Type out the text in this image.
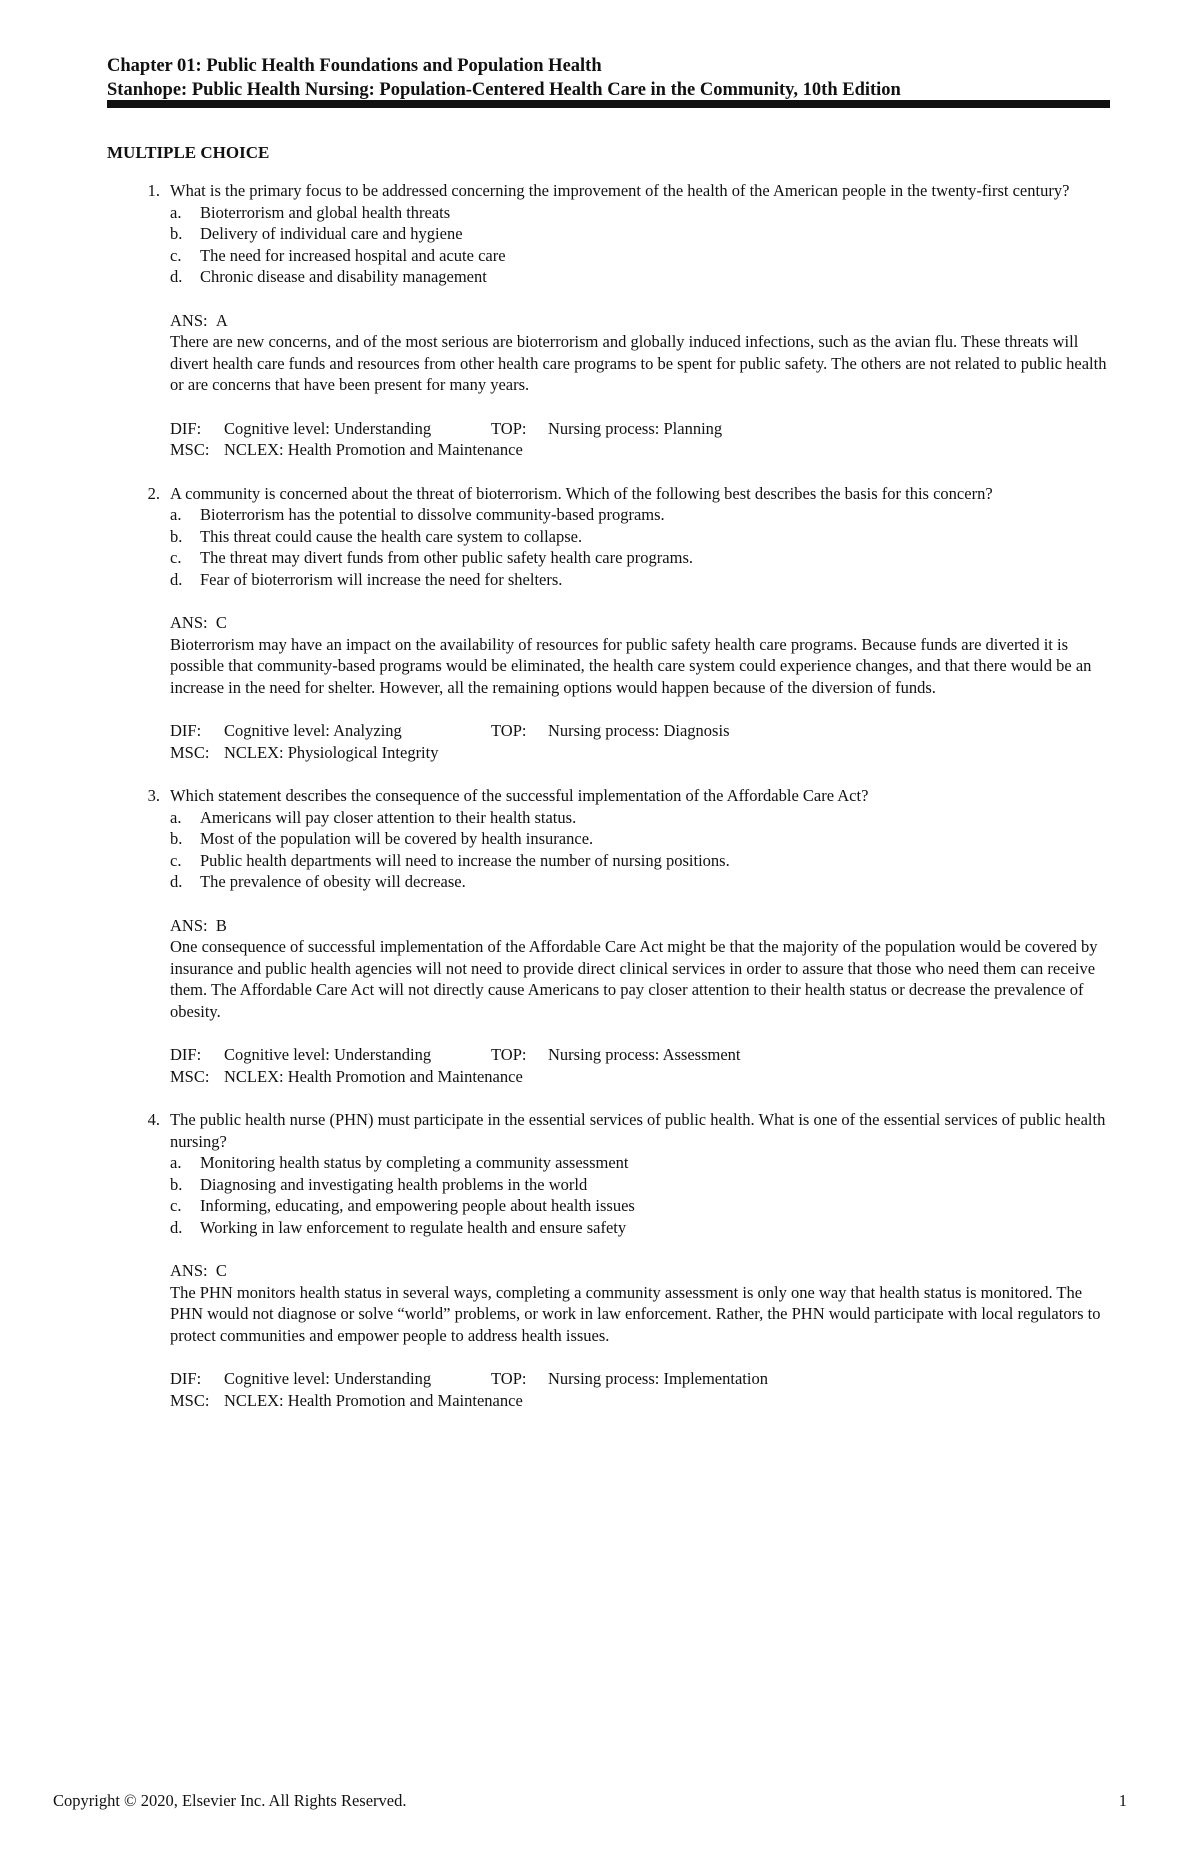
Chapter 01: Public Health Foundations and Population Health
Stanhope: Public Health Nursing: Population-Centered Health Care in the Community, 10th Edition
MULTIPLE CHOICE
1. What is the primary focus to be addressed concerning the improvement of the health of the American people in the twenty-first century?
a.	Bioterrorism and global health threats
b.	Delivery of individual care and hygiene
c.	The need for increased hospital and acute care
d.	Chronic disease and disability management
ANS: A
There are new concerns, and of the most serious are bioterrorism and globally induced infections, such as the avian flu. These threats will divert health care funds and resources from other health care programs to be spent for public safety. The others are not related to public health or are concerns that have been present for many years.
DIF:	Cognitive level: Understanding	TOP:	Nursing process: Planning
MSC: NCLEX: Health Promotion and Maintenance
2. A community is concerned about the threat of bioterrorism. Which of the following best describes the basis for this concern?
a.	Bioterrorism has the potential to dissolve community-based programs.
b.	This threat could cause the health care system to collapse.
c.	The threat may divert funds from other public safety health care programs.
d.	Fear of bioterrorism will increase the need for shelters.
ANS: C
Bioterrorism may have an impact on the availability of resources for public safety health care programs. Because funds are diverted it is possible that community-based programs would be eliminated, the health care system could experience changes, and that there would be an increase in the need for shelter. However, all the remaining options would happen because of the diversion of funds.
DIF:	Cognitive level: Analyzing	TOP:	Nursing process: Diagnosis
MSC: NCLEX: Physiological Integrity
3. Which statement describes the consequence of the successful implementation of the Affordable Care Act?
a.	Americans will pay closer attention to their health status.
b.	Most of the population will be covered by health insurance.
c.	Public health departments will need to increase the number of nursing positions.
d.	The prevalence of obesity will decrease.
ANS: B
One consequence of successful implementation of the Affordable Care Act might be that the majority of the population would be covered by insurance and public health agencies will not need to provide direct clinical services in order to assure that those who need them can receive them. The Affordable Care Act will not directly cause Americans to pay closer attention to their health status or decrease the prevalence of obesity.
DIF:	Cognitive level: Understanding	TOP:	Nursing process: Assessment
MSC: NCLEX: Health Promotion and Maintenance
4. The public health nurse (PHN) must participate in the essential services of public health. What is one of the essential services of public health nursing?
a.	Monitoring health status by completing a community assessment
b.	Diagnosing and investigating health problems in the world
c.	Informing, educating, and empowering people about health issues
d.	Working in law enforcement to regulate health and ensure safety
ANS: C
The PHN monitors health status in several ways, completing a community assessment is only one way that health status is monitored. The PHN would not diagnose or solve “world” problems, or work in law enforcement. Rather, the PHN would participate with local regulators to protect communities and empower people to address health issues.
DIF:	Cognitive level: Understanding	TOP:	Nursing process: Implementation
MSC: NCLEX: Health Promotion and Maintenance
Copyright © 2020, Elsevier Inc. All Rights Reserved.	1
